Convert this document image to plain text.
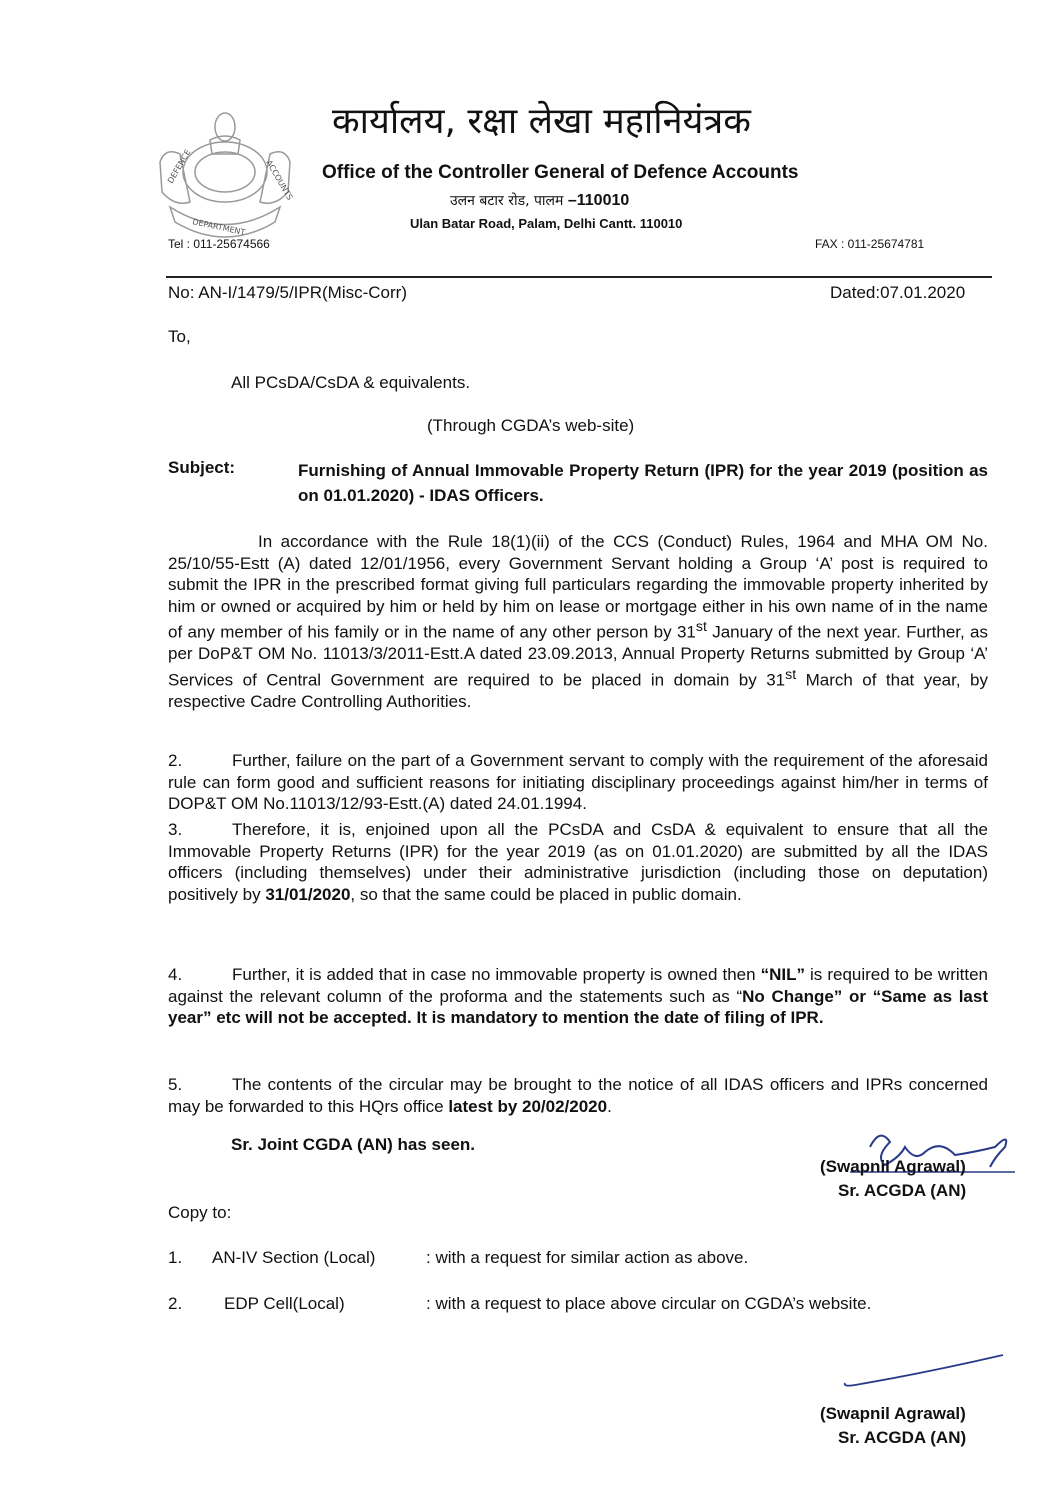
DEFENCE	ACCOUNTS
DEPARTMENT
कार्यालय, रक्षा लेखा महानियंत्रक
Office of the Controller General of Defence Accounts
उलन बटार रोड, पालम –110010
Ulan Batar Road, Palam, Delhi Cantt. 110010
Tel : 011-25674566	FAX : 011-25674781
No: AN-I/1479/5/IPR(Misc-Corr)	Dated:07.01.2020
To,
All PCsDA/CsDA & equivalents.
(Through CGDA’s web-site)
Subject:	Furnishing of Annual Immovable Property Return (IPR) for the year 2019 (position as on 01.01.2020) - IDAS Officers.
In accordance with the Rule 18(1)(ii) of the CCS (Conduct) Rules, 1964 and MHA OM No. 25/10/55-Estt (A) dated 12/01/1956, every Government Servant holding a Group ‘A’ post is required to submit the IPR in the prescribed format giving full particulars regarding the immovable property inherited by him or owned or acquired by him or held by him on lease or mortgage either in his own name of in the name of any member of his family or in the name of any other person by 31st January of the next year. Further, as per DoP&T OM No. 11013/3/2011-Estt.A dated 23.09.2013, Annual Property Returns submitted by Group ‘A’ Services of Central Government are required to be placed in domain by 31st March of that year, by respective Cadre Controlling Authorities.
2.	Further, failure on the part of a Government servant to comply with the requirement of the aforesaid rule can form good and sufficient reasons for initiating disciplinary proceedings against him/her in terms of DOP&T OM No.11013/12/93-Estt.(A) dated 24.01.1994.
3.	Therefore, it is, enjoined upon all the PCsDA and CsDA & equivalent to ensure that all the Immovable Property Returns (IPR) for the year 2019 (as on 01.01.2020) are submitted by all the IDAS officers (including themselves) under their administrative jurisdiction (including those on deputation) positively by 31/01/2020, so that the same could be placed in public domain.
4.	Further, it is added that in case no immovable property is owned then “NIL” is required to be written against the relevant column of the proforma and the statements such as “No Change” or “Same as last year” etc will not be accepted. It is mandatory to mention the date of filing of IPR.
5.	The contents of the circular may be brought to the notice of all IDAS officers and IPRs concerned may be forwarded to this HQrs office latest by 20/02/2020.
Sr. Joint CGDA (AN) has seen.
(Swapnil Agrawal)
Sr. ACGDA (AN)
Copy to:
1. AN-IV Section (Local)	: with a request for similar action as above.
2. EDP Cell(Local)	: with a request to place above circular on CGDA’s website.
(Swapnil Agrawal)
Sr. ACGDA (AN)
